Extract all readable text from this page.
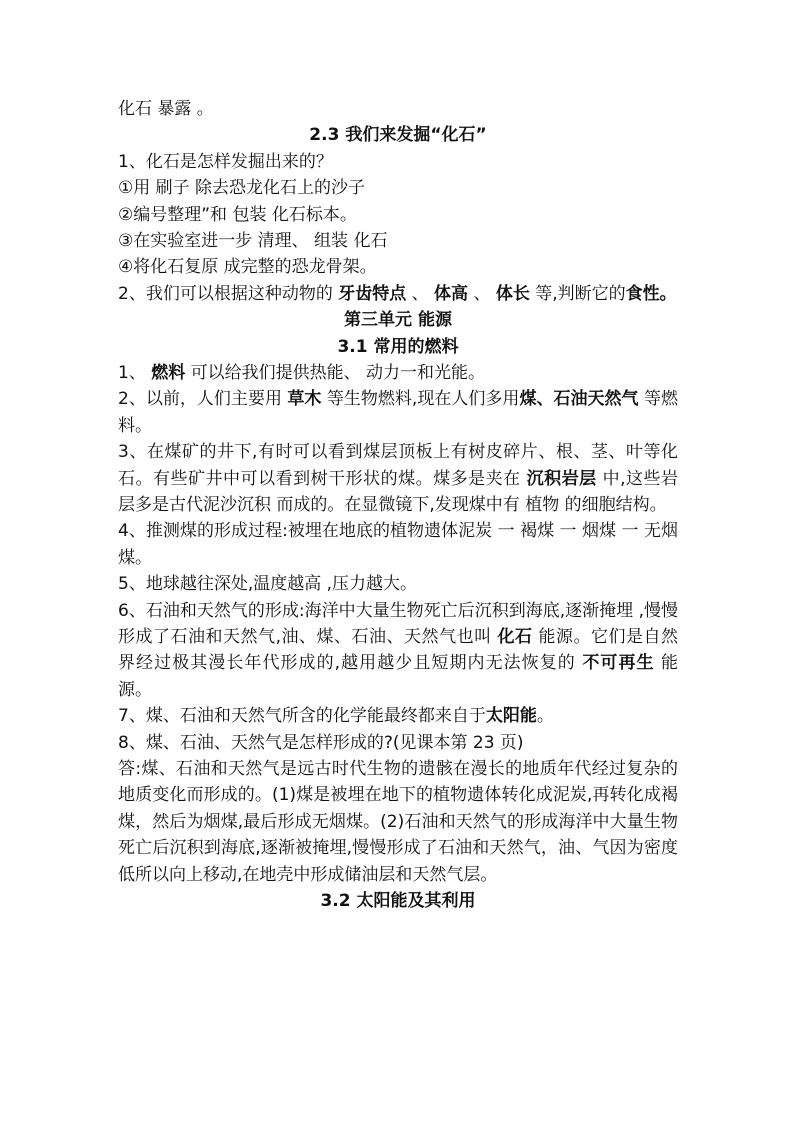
化石 暴露 。
2.3 我们来发掘“化石”
1、化石是怎样发掘出来的？
①用 刷子 除去恐龙化石上的沙子
②编号整理”和 包装 化石标本。
③在实验室进一步 清理、 组装 化石
④将化石复原 成完整的恐龙骨架。
2、我们可以根据这种动物的 牙齿特点 、 体高 、 体长 等,判断它的食性。
第三单元 能源
3.1 常用的燃料
1、 燃料 可以给我们提供热能、 动力一和光能。
2、以前，人们主要用 草木 等生物燃料,现在人们多用煤、石油天然气 等燃料。
3、在煤矿的井下,有时可以看到煤层顶板上有树皮碎片、根、茎、叶等化石。有些矿井中可以看到树干形状的煤。煤多是夹在 沉积岩层 中,这些岩层多是古代泥沙沉积 而成的。在显微镜下,发现煤中有 植物 的细胞结构。
4、推测煤的形成过程:被埋在地底的植物遗体泥炭 一 褐煤 一 烟煤 一 无烟煤。
5、地球越往深处,温度越高 ,压力越大。
6、石油和天然气的形成:海洋中大量生物死亡后沉积到海底,逐渐掩埋 ,慢慢形成了石油和天然气,油、煤、石油、天然气也叫 化石 能源。它们是自然界经过极其漫长年代形成的,越用越少且短期内无法恢复的 不可再生 能源。
7、煤、石油和天然气所含的化学能最终都来自于太阳能。
8、煤、石油、天然气是怎样形成的?(见课本第 23 页)
答:煤、石油和天然气是远古时代生物的遗骸在漫长的地质年代经过复杂的地质变化而形成的。(1)煤是被埋在地下的植物遗体转化成泥炭,再转化成褐煤，然后为烟煤,最后形成无烟煤。(2)石油和天然气的形成海洋中大量生物死亡后沉积到海底,逐渐被掩埋,慢慢形成了石油和天然气，油、气因为密度低所以向上移动,在地壳中形成储油层和天然气层。
3.2 太阳能及其利用
